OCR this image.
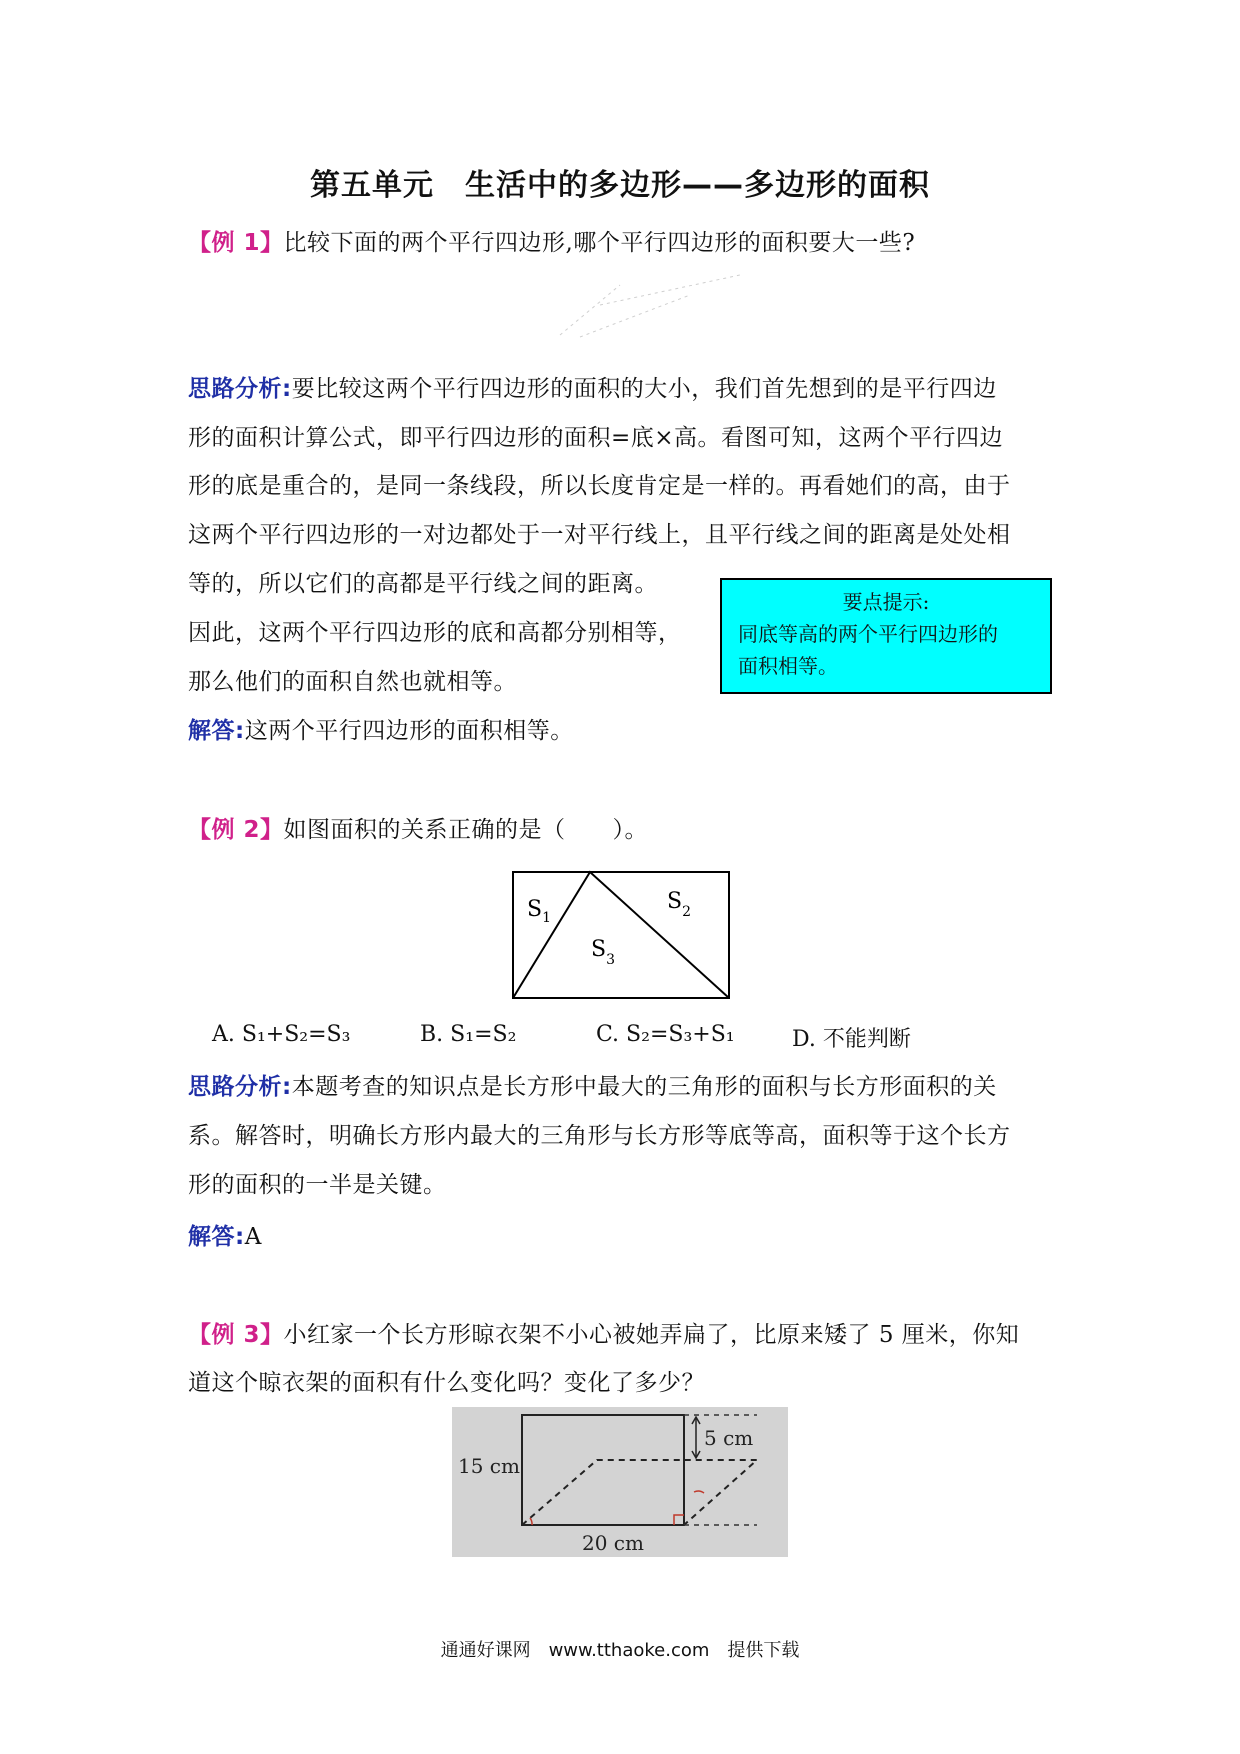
第五单元　生活中的多边形——多边形的面积
【例 1】比较下面的两个平行四边形,哪个平行四边形的面积要大一些?
思路分析:要比较这两个平行四边形的面积的大小，我们首先想到的是平行四边
形的面积计算公式，即平行四边形的面积=底×高。看图可知，这两个平行四边
形的底是重合的，是同一条线段，所以长度肯定是一样的。再看她们的高，由于
这两个平行四边形的一对边都处于一对平行线上，且平行线之间的距离是处处相
等的，所以它们的高都是平行线之间的距离。
因此，这两个平行四边形的底和高都分别相等，
那么他们的面积自然也就相等。
要点提示:
同底等高的两个平行四边形的
面积相等。
解答:这两个平行四边形的面积相等。
【例 2】如图面积的关系正确的是（　　）。
$S_1$
$S_2$
$S_3$
A. S₁+S₂=S₃	B. S₁=S₂	C. S₂=S₃+S₁	D. 不能判断
思路分析:本题考查的知识点是长方形中最大的三角形的面积与长方形面积的关
系。解答时，明确长方形内最大的三角形与长方形等底等高，面积等于这个长方
形的面积的一半是关键。
解答:A
【例 3】小红家一个长方形晾衣架不小心被她弄扁了，比原来矮了 5 厘米，你知
道这个晾衣架的面积有什么变化吗？变化了多少？
5 cm
15 cm
20 cm
通通好课网　www.tthaoke.com　提供下载
